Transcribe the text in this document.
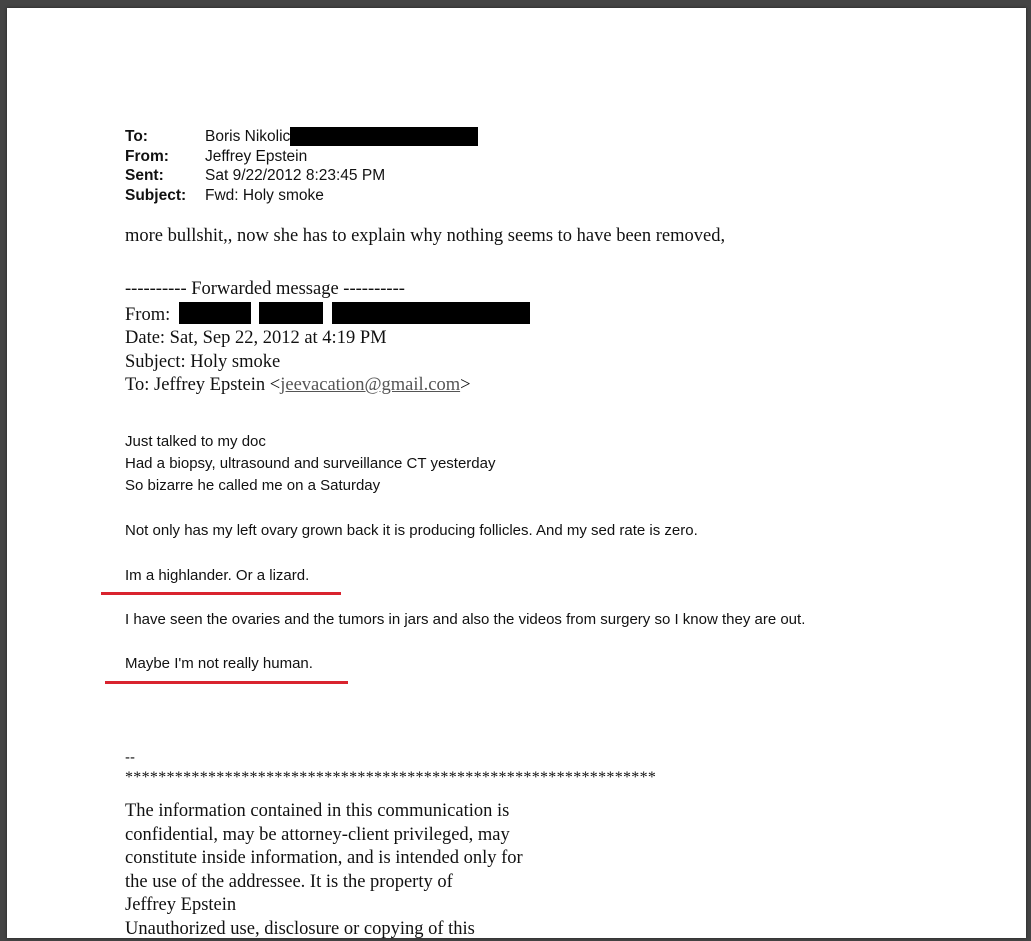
To:	Boris Nikolic
From:	Jeffrey Epstein
Sent:	Sat 9/22/2012 8:23:45 PM
Subject:	Fwd: Holy smoke
more bullshit,, now she has to explain why nothing seems to have been removed,
---------- Forwarded message ----------
From:
Date: Sat, Sep 22, 2012 at 4:19 PM
Subject: Holy smoke
To: Jeffrey Epstein <jeevacation@gmail.com>
Just talked to my doc
Had a biopsy, ultrasound and surveillance CT yesterday
So bizarre he called me on a Saturday
Not only has my left ovary grown back it is producing follicles. And my sed rate is zero.
Im a highlander. Or a lizard.
I have seen the ovaries and the tumors in jars and also the videos from surgery so I know they are out.
Maybe I'm not really human.
--
****************************************************************
The information contained in this communication is
confidential, may be attorney-client privileged, may
constitute inside information, and is intended only for
the use of the addressee. It is the property of
Jeffrey Epstein
Unauthorized use, disclosure or copying of this
